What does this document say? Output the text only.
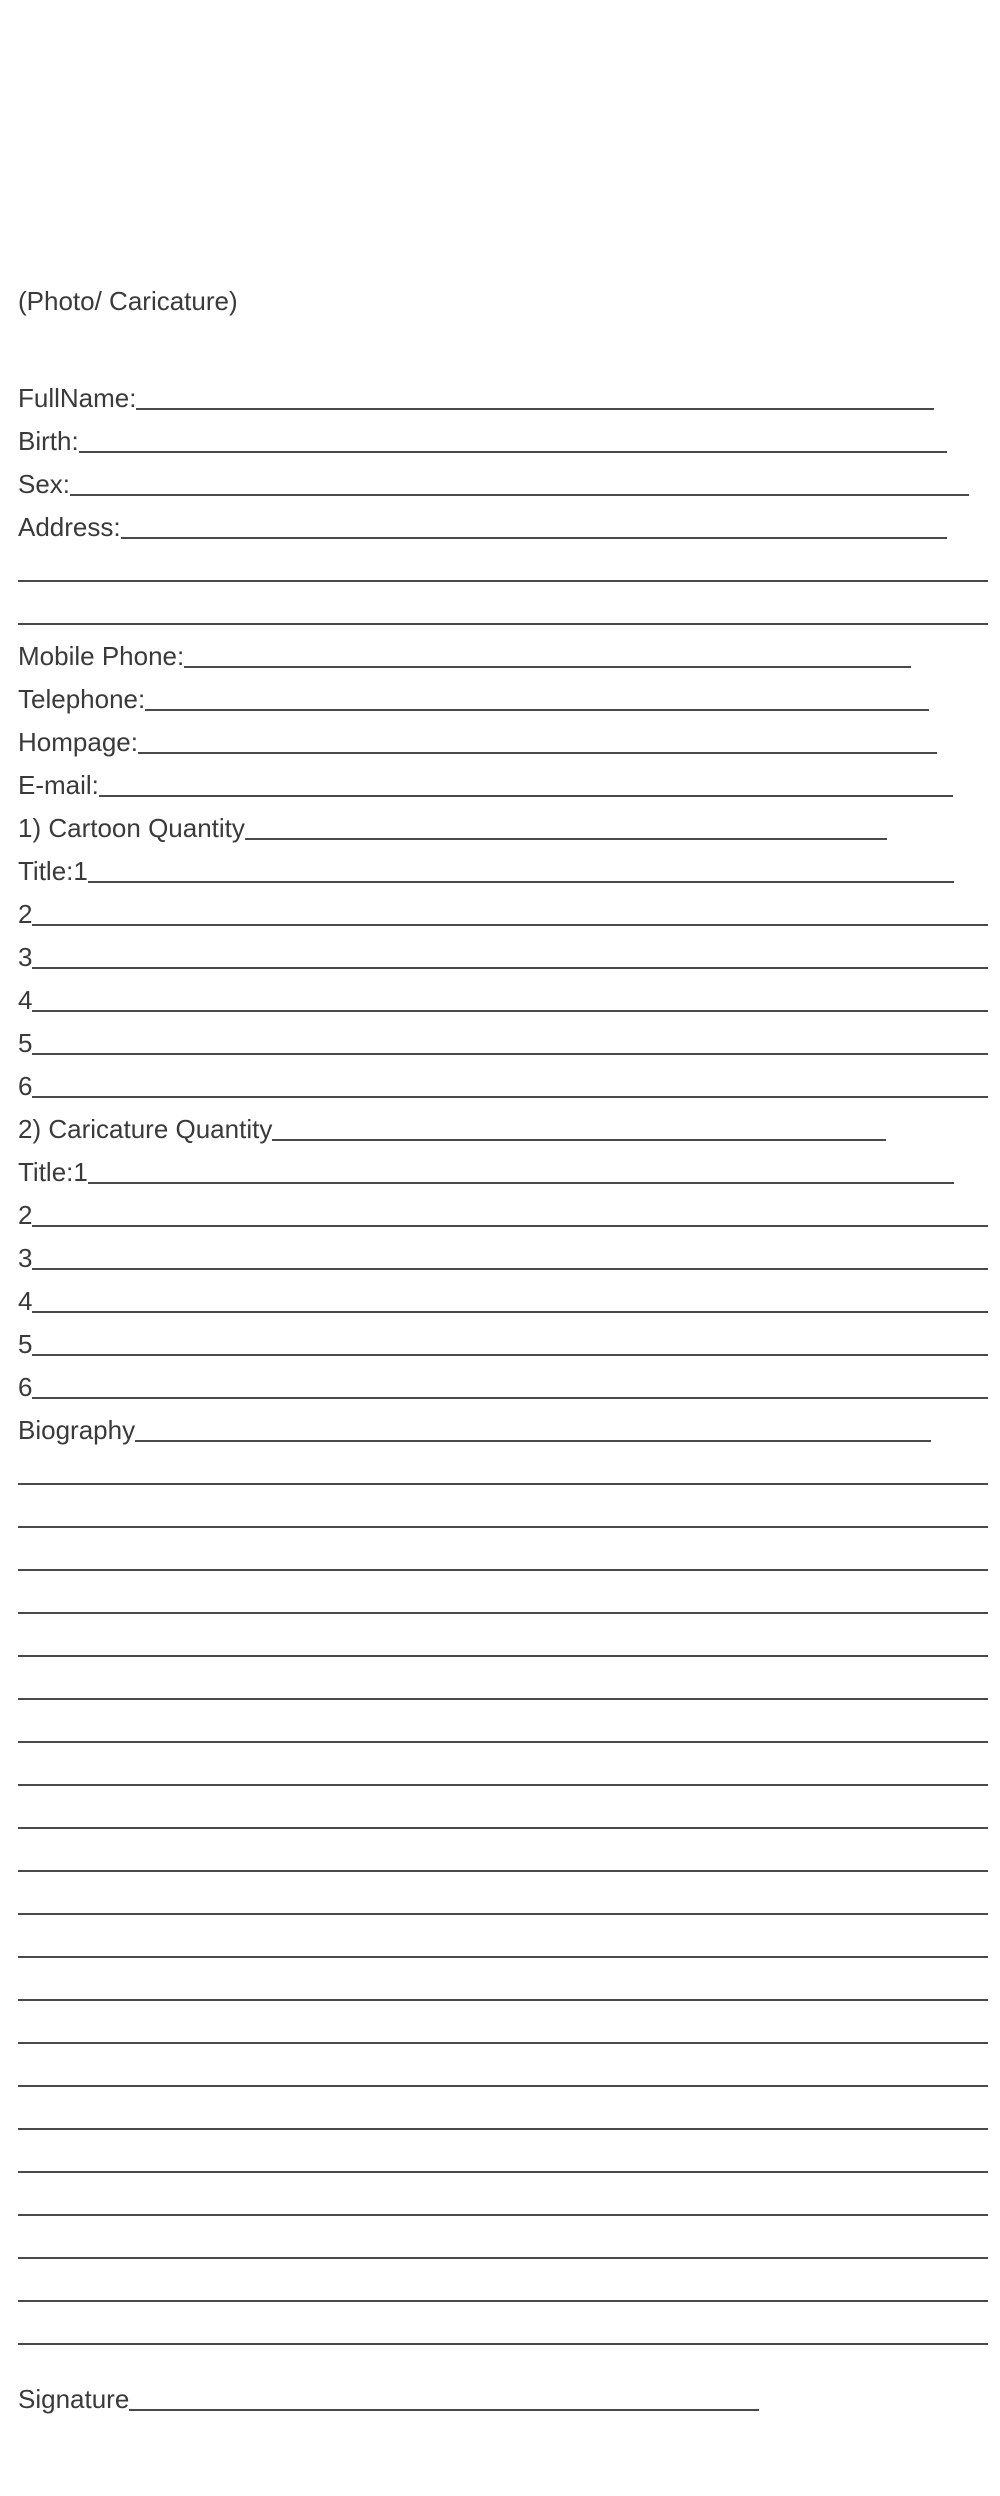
(Photo/ Caricature)
FullName:
Birth:
Sex:
Address:
Mobile Phone:
Telephone:
Hompage:
E-mail:
1) Cartoon Quantity
Title:1
2
3
4
5
6
2) Caricature Quantity
Title:1
2
3
4
5
6
Biography
Signature
